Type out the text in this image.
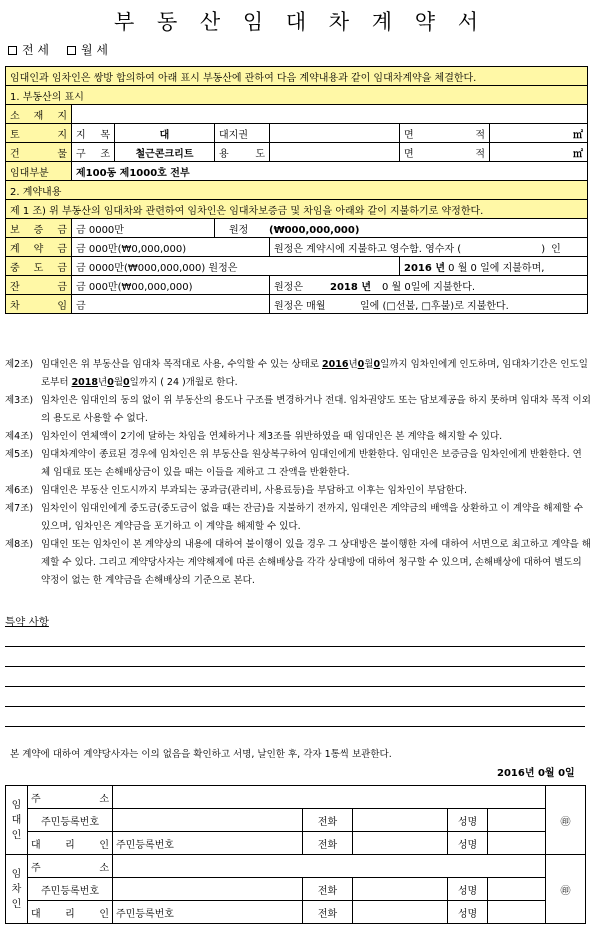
부 동 산 임 대 차 계 약 서
전 세	월 세
임대인과 임차인은 쌍방 합의하여 아래 표시 부동산에 관하여 다음 계약내용과 같이 임대차계약을 체결한다.						
1. 부동산의 표시						
소 재 지						
토 지	지 목	대	대지권		면 적	㎡
건 물	구 조	철근콘크리트	용 도		면 적	㎡
임대부분	제100동 제1000호 전부					
2. 계약내용						
제 1 조) 위 부동산의 임대차와 관련하여 임차인은 임대차보증금 및 차임을 아래와 같이 지불하기로 약정한다.						
보 증 금	금 0000만		원정 (₩000,000,000)			
계 약 금	금 000만(₩0,000,000)			원정은 계약시에 지불하고 영수함. 영수자 ( ) 인		
중 도 금	금 0000만(₩000,000,000) 원정은				2016 년 0 월 0 일에 지불하며,	
잔 금	금 000만(₩00,000,000)			원정은 2018 년 0 월 0일에 지불한다.		
차 임	금			원정은 매월 일에 (□선불, □후불)로 지불한다.		
제2조) 임대인은 위 부동산을 임대차 목적대로 사용, 수익할 수 있는 상태로 2016년0월0일까지 임차인에게 인도하며, 임대차기간은 인도일로부터 2018년0월0일까지 ( 24 )개월로 한다.
제3조) 임차인은 임대인의 동의 없이 위 부동산의 용도나 구조를 변경하거나 전대. 임차권양도 또는 담보제공을 하지 못하며 임대차 목적 이외의 용도로 사용할 수 없다.
제4조) 임차인이 연체액이 2기에 달하는 차임을 연체하거나 제3조를 위반하였을 때 임대인은 본 계약을 해지할 수 있다.
제5조) 임대차계약이 종료된 경우에 임차인은 위 부동산을 원상복구하여 임대인에게 반환한다. 임대인은 보증금을 임차인에게 반환한다. 연체 임대료 또는 손해배상금이 있을 때는 이들을 제하고 그 잔액을 반환한다.
제6조) 임대인은 부동산 인도시까지 부과되는 공과금(관리비, 사용료등)을 부담하고 이후는 임차인이 부담한다.
제7조) 임차인이 임대인에게 중도금(중도금이 없을 때는 잔금)을 지불하기 전까지, 임대인은 계약금의 배액을 상환하고 이 계약을 해제할 수 있으며, 임차인은 계약금을 포기하고 이 계약을 해제할 수 있다.
제8조) 임대인 또는 임차인이 본 계약상의 내용에 대하여 불이행이 있을 경우 그 상대방은 불이행한 자에 대하여 서면으로 최고하고 계약을 해제할 수 있다. 그리고 계약당사자는 계약해제에 따른 손해배상을 각각 상대방에 대하여 청구할 수 있으며, 손해배상에 대하여 별도의 약정이 없는 한 계약금을 손해배상의 기준으로 본다.
특약 사항
본 계약에 대하여 계약당사자는 이의 없음을 확인하고 서명, 날인한 후, 각자 1통씩 보관한다.
2016년 0월 0일
임
대
인	주 소						㊞
	주민등록번호		전화		성명		
	대 리 인	주민등록번호	전화		성명		
임
차
인	주 소						㊞
	주민등록번호		전화		성명		
	대 리 인	주민등록번호	전화		성명		
